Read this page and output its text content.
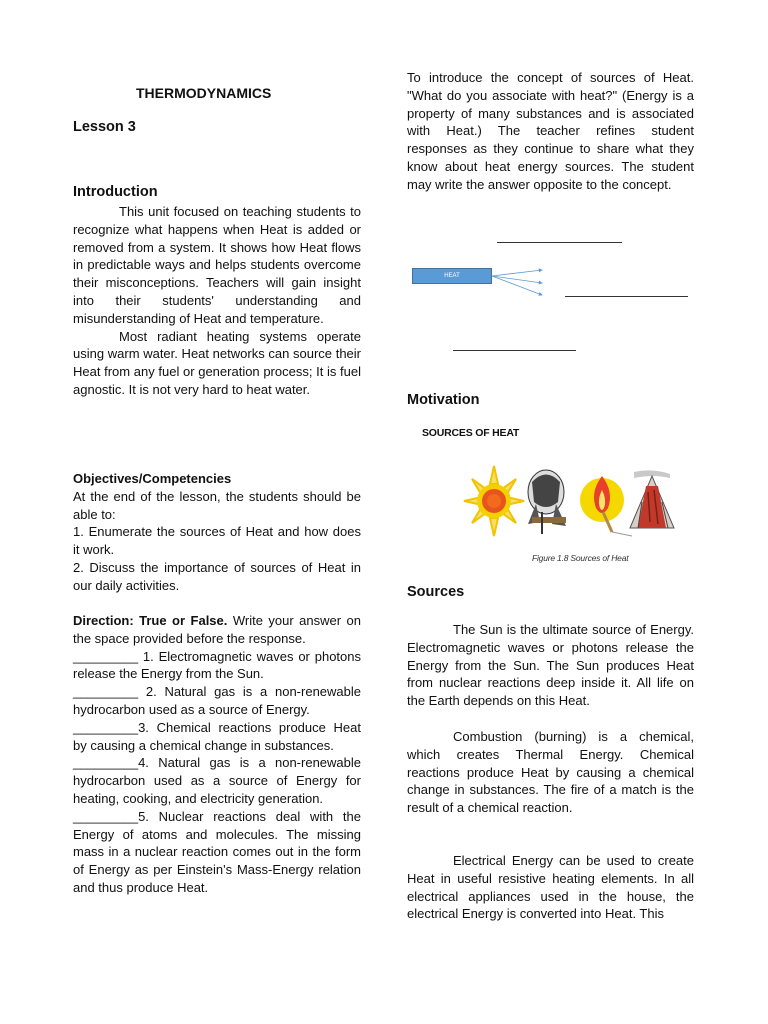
THERMODYNAMICS
Lesson 3
Introduction

This unit focused on teaching students to recognize what happens when Heat is added or removed from a system. It shows how Heat flows in predictable ways and helps students overcome their misconceptions. Teachers will gain insight into their students' understanding and misunderstanding of Heat and temperature.

Most radiant heating systems operate using warm water. Heat networks can source their Heat from any fuel or generation process; It is fuel agnostic. It is not very hard to heat water.

Objectives/Competencies

At the end of the lesson, the students should be able to:

1. Enumerate the sources of Heat and how does it work.

2. Discuss the importance of sources of Heat in our daily activities.

Direction: True or False. Write your answer on the space provided before the response.

_________ 1. Electromagnetic waves or photons release the Energy from the Sun.

_________ 2. Natural gas is a non-renewable hydrocarbon used as a source of Energy.

_________3. Chemical reactions produce Heat by causing a chemical change in substances.

_________4. Natural gas is a non-renewable hydrocarbon used as a source of Energy for heating, cooking, and electricity generation.

_________5. Nuclear reactions deal with the Energy of atoms and molecules. The missing mass in a nuclear reaction comes out in the form of Energy as per Einstein's Mass-Energy relation and thus produce Heat.

To introduce the concept of sources of Heat. "What do you associate with heat?" (Energy is a property of many substances and is associated with Heat.) The teacher refines student responses as they continue to share what they know about heat energy sources. The student may write the answer opposite to the concept.

HEAT
Motivation
SOURCES OF HEAT
Figure 1.8 Sources of Heat
Sources

The Sun is the ultimate source of Energy. Electromagnetic waves or photons release the Energy from the Sun. The Sun produces Heat from nuclear reactions deep inside it. All life on the Earth depends on this Heat.

Combustion (burning) is a chemical, which creates Thermal Energy. Chemical reactions produce Heat by causing a chemical change in substances. The fire of a match is the result of a chemical reaction.

Electrical Energy can be used to create Heat in useful resistive heating elements. In all electrical appliances used in the house, the electrical Energy is converted into Heat. This
